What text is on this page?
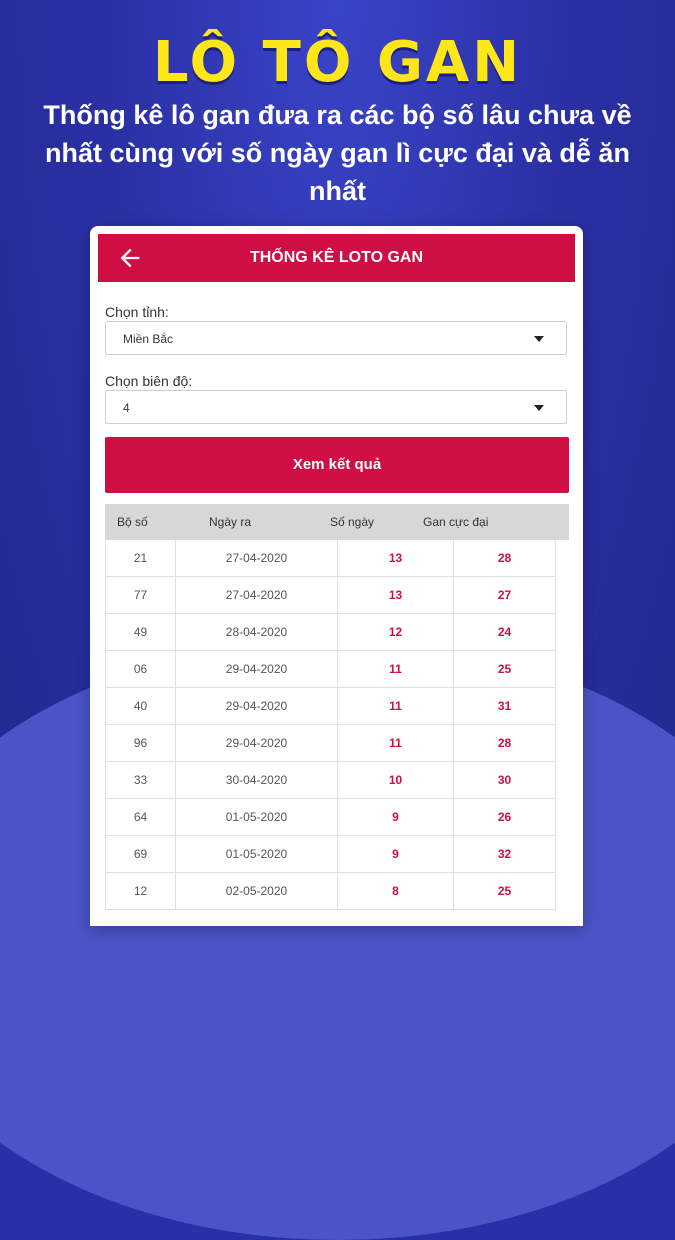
LÔ TÔ GAN
Thống kê lô gan đưa ra các bộ số lâu chưa về nhất cùng với số ngày gan lì cực đại và dễ ăn nhất
THỐNG KÊ LOTO GAN
Chọn tỉnh:
Miền Bắc
Chọn biên độ:
4
Xem kết quả
Bộ số	Ngày ra	Số ngày	Gan cực đại
21	27-04-2020	13	28
77	27-04-2020	13	27
49	28-04-2020	12	24
06	29-04-2020	11	25
40	29-04-2020	11	31
96	29-04-2020	11	28
33	30-04-2020	10	30
64	01-05-2020	9	26
69	01-05-2020	9	32
12	02-05-2020	8	25
